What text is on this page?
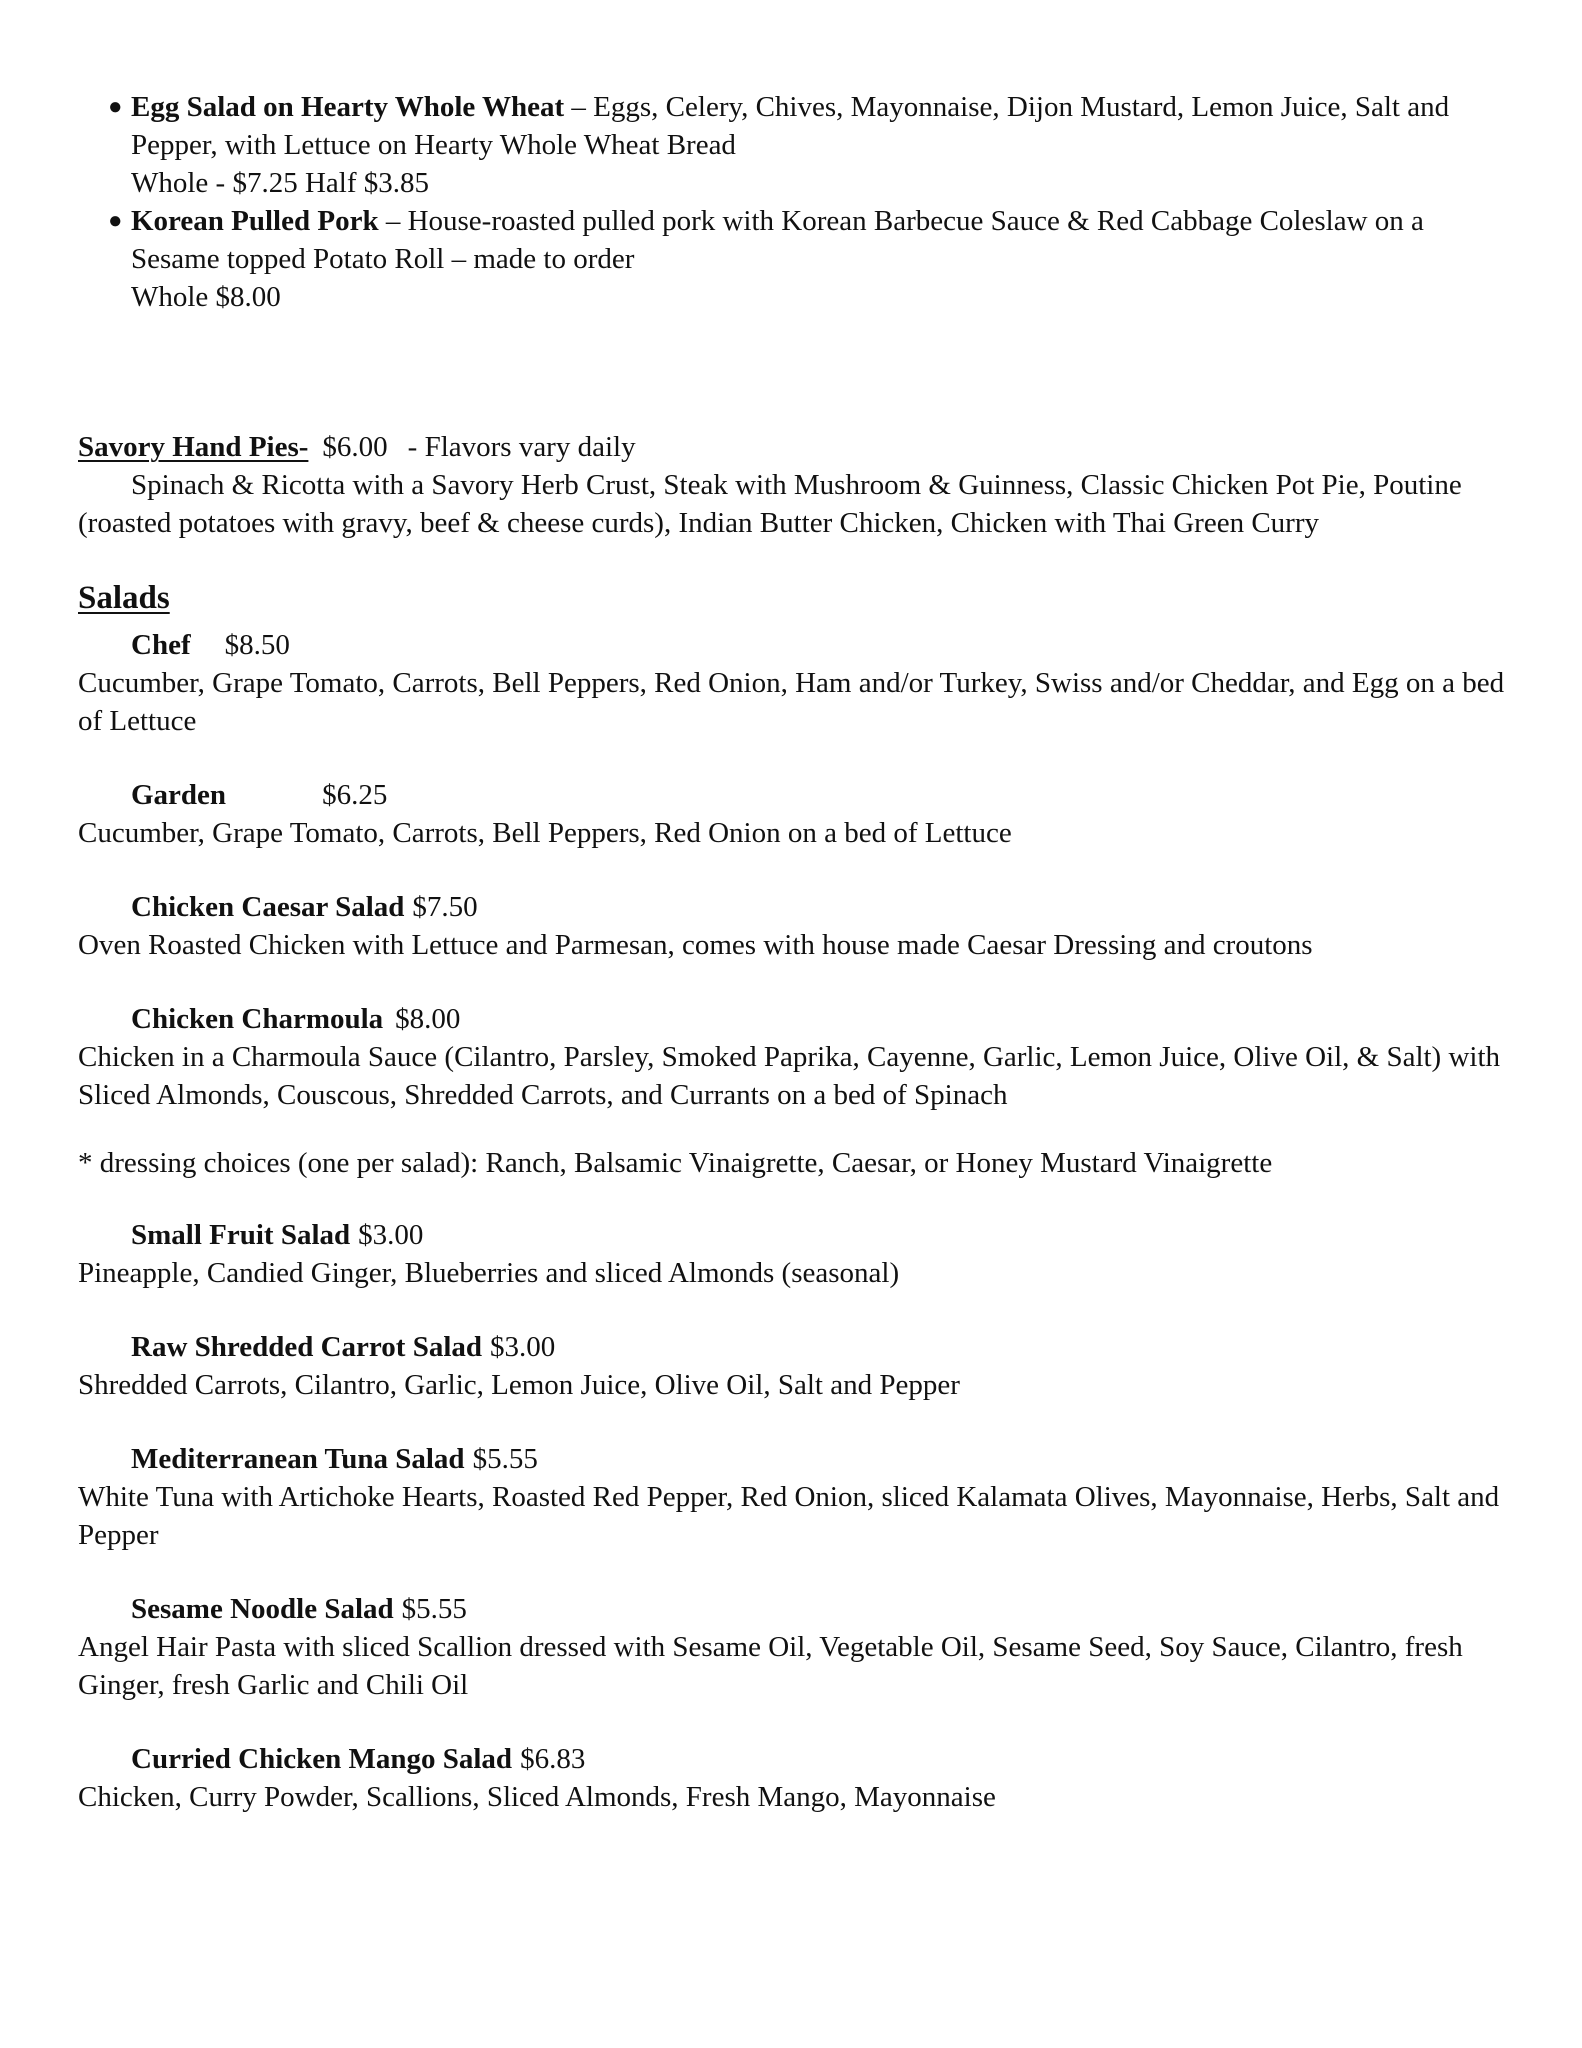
● Egg Salad on Hearty Whole Wheat – Eggs, Celery, Chives, Mayonnaise, Dijon Mustard, Lemon Juice, Salt and Pepper, with Lettuce on Hearty Whole Wheat Bread
Whole - $7.25 Half $3.85
● Korean Pulled Pork – House-roasted pulled pork with Korean Barbecue Sauce & Red Cabbage Coleslaw on a Sesame topped Potato Roll – made to order
Whole $8.00
Savory Hand Pies- $6.00 - Flavors vary daily
Spinach & Ricotta with a Savory Herb Crust, Steak with Mushroom & Guinness, Classic Chicken Pot Pie, Poutine (roasted potatoes with gravy, beef & cheese curds), Indian Butter Chicken, Chicken with Thai Green Curry
Salads
Chef $8.50
Cucumber, Grape Tomato, Carrots, Bell Peppers, Red Onion, Ham and/or Turkey, Swiss and/or Cheddar, and Egg on a bed of Lettuce
Garden	$6.25
Cucumber, Grape Tomato, Carrots, Bell Peppers, Red Onion on a bed of Lettuce
Chicken Caesar Salad $7.50
Oven Roasted Chicken with Lettuce and Parmesan, comes with house made Caesar Dressing and croutons
Chicken Charmoula $8.00
Chicken in a Charmoula Sauce (Cilantro, Parsley, Smoked Paprika, Cayenne, Garlic, Lemon Juice, Olive Oil, & Salt) with Sliced Almonds, Couscous, Shredded Carrots, and Currants on a bed of Spinach
* dressing choices (one per salad): Ranch, Balsamic Vinaigrette, Caesar, or Honey Mustard Vinaigrette
Small Fruit Salad $3.00
Pineapple, Candied Ginger, Blueberries and sliced Almonds (seasonal)
Raw Shredded Carrot Salad $3.00
Shredded Carrots, Cilantro, Garlic, Lemon Juice, Olive Oil, Salt and Pepper
Mediterranean Tuna Salad $5.55
White Tuna with Artichoke Hearts, Roasted Red Pepper, Red Onion, sliced Kalamata Olives, Mayonnaise, Herbs, Salt and Pepper
Sesame Noodle Salad $5.55
Angel Hair Pasta with sliced Scallion dressed with Sesame Oil, Vegetable Oil, Sesame Seed, Soy Sauce, Cilantro, fresh Ginger, fresh Garlic and Chili Oil
Curried Chicken Mango Salad $6.83
Chicken, Curry Powder, Scallions, Sliced Almonds, Fresh Mango, Mayonnaise
